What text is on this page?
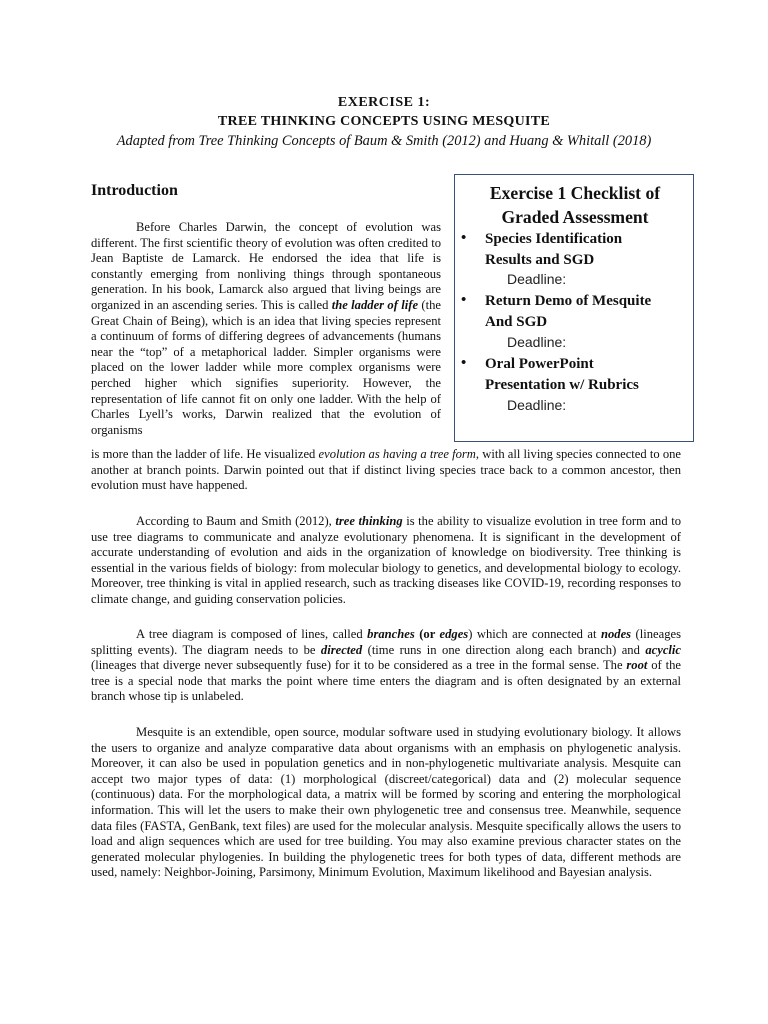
EXERCISE 1:
TREE THINKING CONCEPTS USING MESQUITE
Adapted from Tree Thinking Concepts of Baum & Smith (2012) and Huang & Whitall (2018)
Introduction	Exercise 1 Checklist of
Graded Assessment
• Species Identification
Results and SGD
Deadline:
• Return Demo of Mesquite
And SGD
Deadline:
• Oral PowerPoint
Presentation w/ Rubrics
Deadline:

Before Charles Darwin, the concept of evolution was different. The first scientific theory of evolution was often credited to Jean Baptiste de Lamarck. He endorsed the idea that life is constantly emerging from nonliving things through spontaneous generation. In his book, Lamarck also argued that living beings are organized in an ascending series. This is called the ladder of life (the Great Chain of Being), which is an idea that living species represent a continuum of forms of differing degrees of advancements (humans near the “top” of a metaphorical ladder. Simpler organisms were placed on the lower ladder while more complex organisms were perched higher which signifies superiority. However, the representation of life cannot fit on only one ladder. With the help of Charles Lyell’s works, Darwin realized that the evolution of organisms

is more than the ladder of life. He visualized evolution as having a tree form, with all living species connected to one another at branch points. Darwin pointed out that if distinct living species trace back to a common ancestor, then evolution must have happened.

According to Baum and Smith (2012), tree thinking is the ability to visualize evolution in tree form and to use tree diagrams to communicate and analyze evolutionary phenomena. It is significant in the development of accurate understanding of evolution and aids in the organization of knowledge on biodiversity. Tree thinking is essential in the various fields of biology: from molecular biology to genetics, and developmental biology to ecology. Moreover, tree thinking is vital in applied research, such as tracking diseases like COVID-19, recording responses to climate change, and guiding conservation policies.

A tree diagram is composed of lines, called branches (or edges) which are connected at nodes (lineages splitting events). The diagram needs to be directed (time runs in one direction along each branch) and acyclic (lineages that diverge never subsequently fuse) for it to be considered as a tree in the formal sense. The root of the tree is a special node that marks the point where time enters the diagram and is often designated by an external branch whose tip is unlabeled.

Mesquite is an extendible, open source, modular software used in studying evolutionary biology. It allows the users to organize and analyze comparative data about organisms with an emphasis on phylogenetic analysis. Moreover, it can also be used in population genetics and in non-phylogenetic multivariate analysis. Mesquite can accept two major types of data: (1) morphological (discreet/categorical) data and (2) molecular sequence (continuous) data. For the morphological data, a matrix will be formed by scoring and entering the morphological information. This will let the users to make their own phylogenetic tree and consensus tree. Meanwhile, sequence data files (FASTA, GenBank, text files) are used for the molecular analysis. Mesquite specifically allows the users to load and align sequences which are used for tree building. You may also examine previous character states on the generated molecular phylogenies. In building the phylogenetic trees for both types of data, different methods are used, namely: Neighbor-Joining, Parsimony, Minimum Evolution, Maximum likelihood and Bayesian analysis.
